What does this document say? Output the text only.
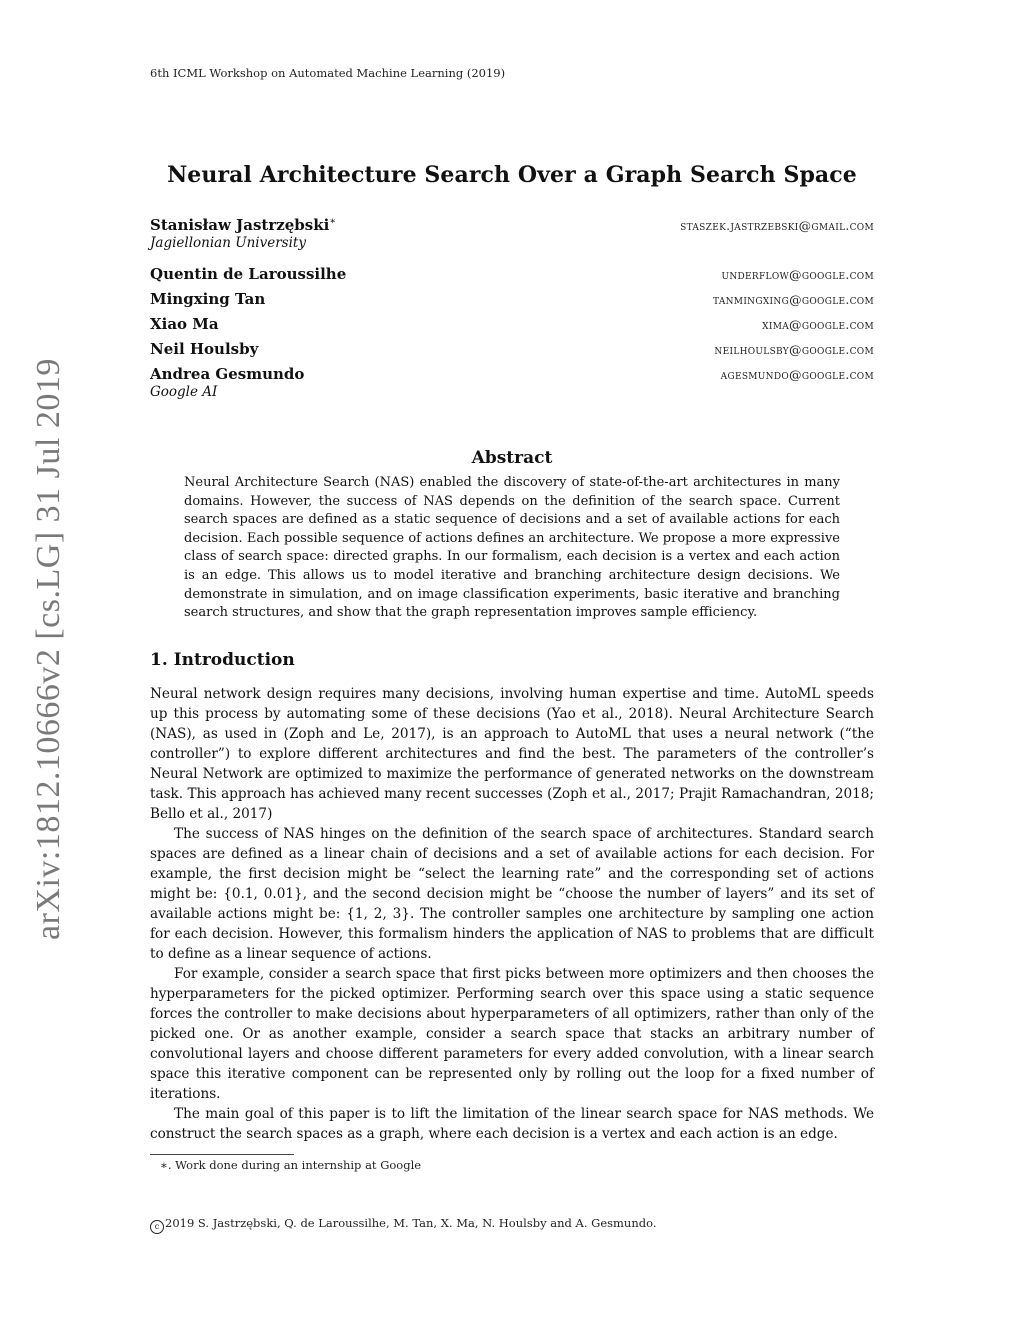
arXiv:1812.10666v2 [cs.LG] 31 Jul 2019
6th ICML Workshop on Automated Machine Learning (2019)
Neural Architecture Search Over a Graph Search Space
Stanisław Jastrzębski∗	staszek.jastrzebski@gmail.com
Jagiellonian University
Quentin de Laroussilhe	underflow@google.com
Mingxing Tan	tanmingxing@google.com
Xiao Ma	xima@google.com
Neil Houlsby	neilhoulsby@google.com
Andrea Gesmundo	agesmundo@google.com
Google AI
Abstract
Neural Architecture Search (NAS) enabled the discovery of state-of-the-art architectures in many domains. However, the success of NAS depends on the definition of the search space. Current search spaces are defined as a static sequence of decisions and a set of available actions for each decision. Each possible sequence of actions defines an architecture. We propose a more expressive class of search space: directed graphs. In our formalism, each decision is a vertex and each action is an edge. This allows us to model iterative and branching architecture design decisions. We demonstrate in simulation, and on image classification experiments, basic iterative and branching search structures, and show that the graph representation improves sample efficiency.
1. Introduction

Neural network design requires many decisions, involving human expertise and time. AutoML speeds up this process by automating some of these decisions (Yao et al., 2018). Neural Architecture Search (NAS), as used in (Zoph and Le, 2017), is an approach to AutoML that uses a neural network (“the controller”) to explore different architectures and find the best. The parameters of the controller’s Neural Network are optimized to maximize the performance of generated networks on the downstream task. This approach has achieved many recent successes (Zoph et al., 2017; Prajit Ramachandran, 2018; Bello et al., 2017)

The success of NAS hinges on the definition of the search space of architectures. Standard search spaces are defined as a linear chain of decisions and a set of available actions for each decision. For example, the first decision might be “select the learning rate” and the corresponding set of actions might be: {0.1, 0.01}, and the second decision might be “choose the number of layers” and its set of available actions might be: {1, 2, 3}. The controller samples one architecture by sampling one action for each decision. However, this formalism hinders the application of NAS to problems that are difficult to define as a linear sequence of actions.

For example, consider a search space that first picks between more optimizers and then chooses the hyperparameters for the picked optimizer. Performing search over this space using a static sequence forces the controller to make decisions about hyperparameters of all optimizers, rather than only of the picked one. Or as another example, consider a search space that stacks an arbitrary number of convolutional layers and choose different parameters for every added convolution, with a linear search space this iterative component can be represented only by rolling out the loop for a fixed number of iterations.

The main goal of this paper is to lift the limitation of the linear search space for NAS methods. We construct the search spaces as a graph, where each decision is a vertex and each action is an edge.

∗. Work done during an internship at Google
c 2019 S. Jastrzębski, Q. de Laroussilhe, M. Tan, X. Ma, N. Houlsby and A. Gesmundo.
